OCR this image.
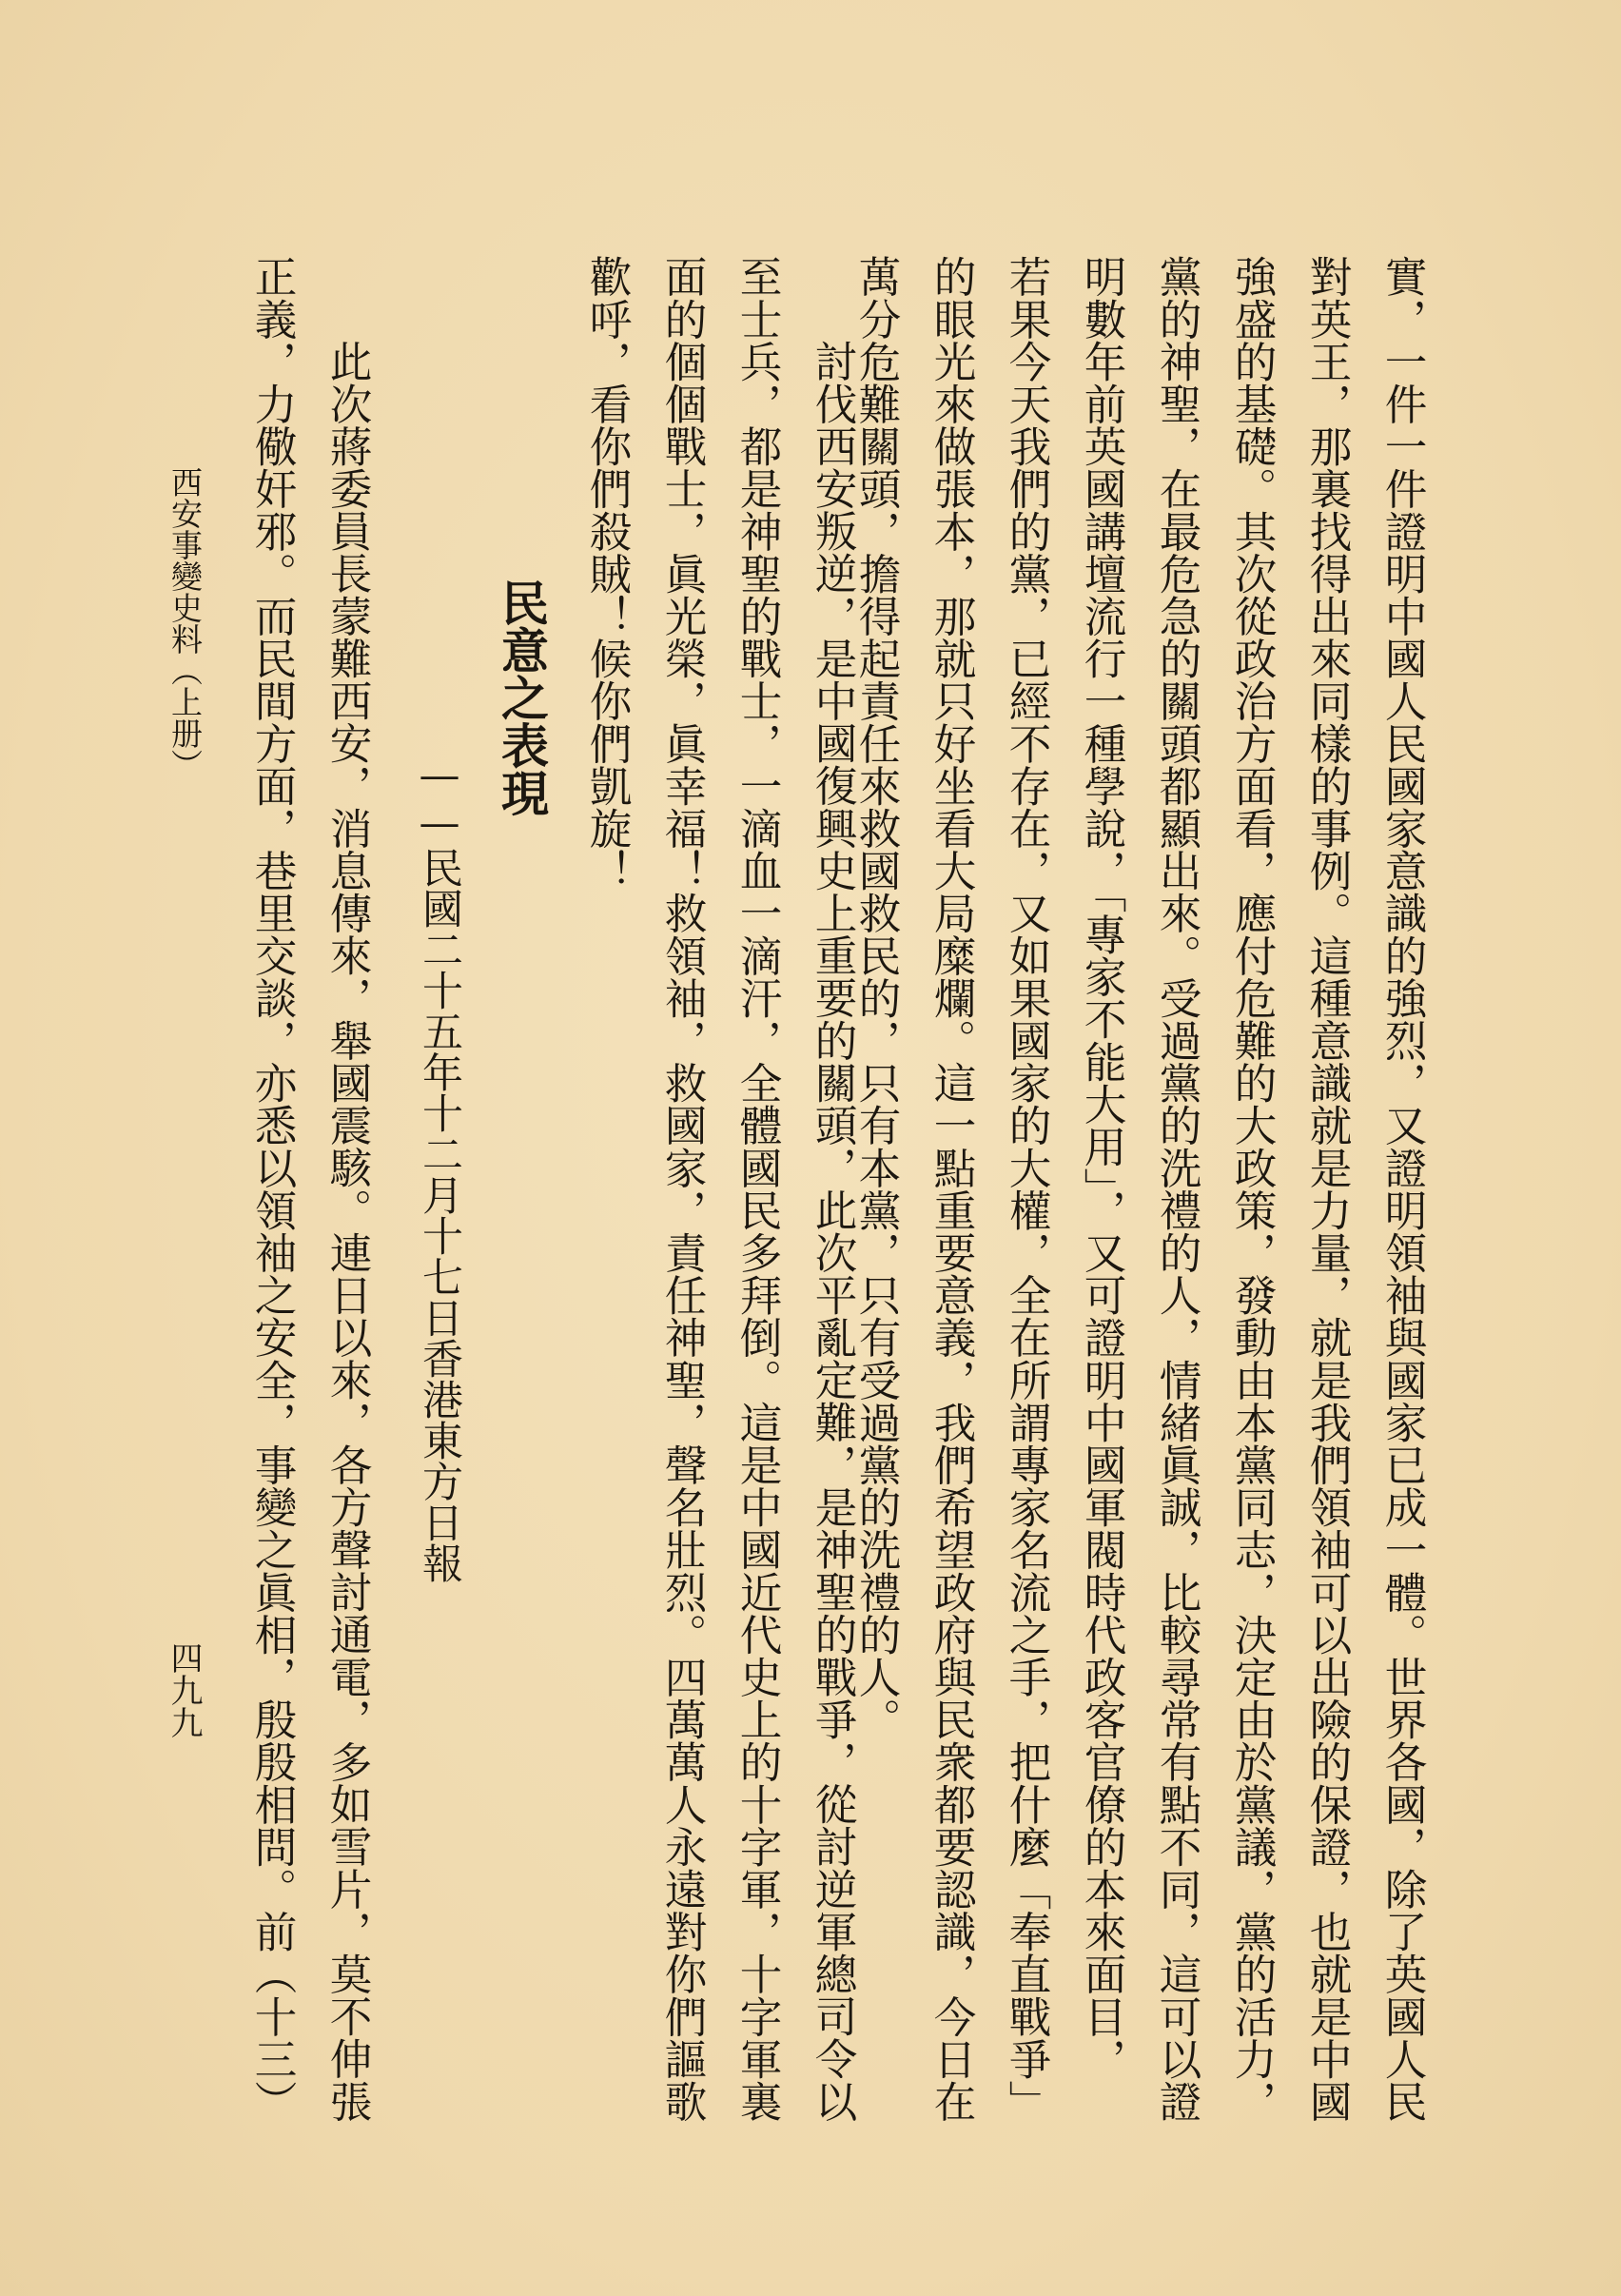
實，一件一件證明中國人民國家意識的強烈，又證明領袖與國家已成一體。世界各國，除了英國人民
對英王，那裏找得出來同樣的事例。這種意識就是力量，就是我們領袖可以出險的保證，也就是中國
強盛的基礎。其次從政治方面看，應付危難的大政策，發動由本黨同志，決定由於黨議，黨的活力，
黨的神聖，在最危急的關頭都顯出來。受過黨的洗禮的人，情緒眞誠，比較尋常有點不同，這可以證
明數年前英國講壇流行一種學說，「專家不能大用」，又可證明中國軍閥時代政客官僚的本來面目，
若果今天我們的黨，已經不存在，又如果國家的大權，全在所謂專家名流之手，把什麼「奉直戰爭」
的眼光來做張本，那就只好坐看大局糜爛。這一點重要意義，我們希望政府與民衆都要認識，今日在
萬分危難關頭，擔得起責任來救國救民的，只有本黨，只有受過黨的洗禮的人。
討伐西安叛逆，是中國復興史上重要的關頭，此次平亂定難，是神聖的戰爭，從討逆軍總司令以
至士兵，都是神聖的戰士，一滴血一滴汗，全體國民多拜倒。這是中國近代史上的十字軍，十字軍裏
面的個個戰士，眞光榮，眞幸福！救領袖，救國家，責任神聖，聲名壯烈。四萬萬人永遠對你們謳歌
歡呼，看你們殺賊！候你們凱旋！
民意之表現
——民國二十五年十二月十七日香港東方日報
此次蔣委員長蒙難西安，消息傳來，舉國震駭。連日以來，各方聲討通電，多如雪片，莫不伸張
正義，力儆奸邪。而民間方面，巷里交談，亦悉以領袖之安全，事變之眞相，殷殷相問。前（十三）
西安事變史料（上册）
四九九
